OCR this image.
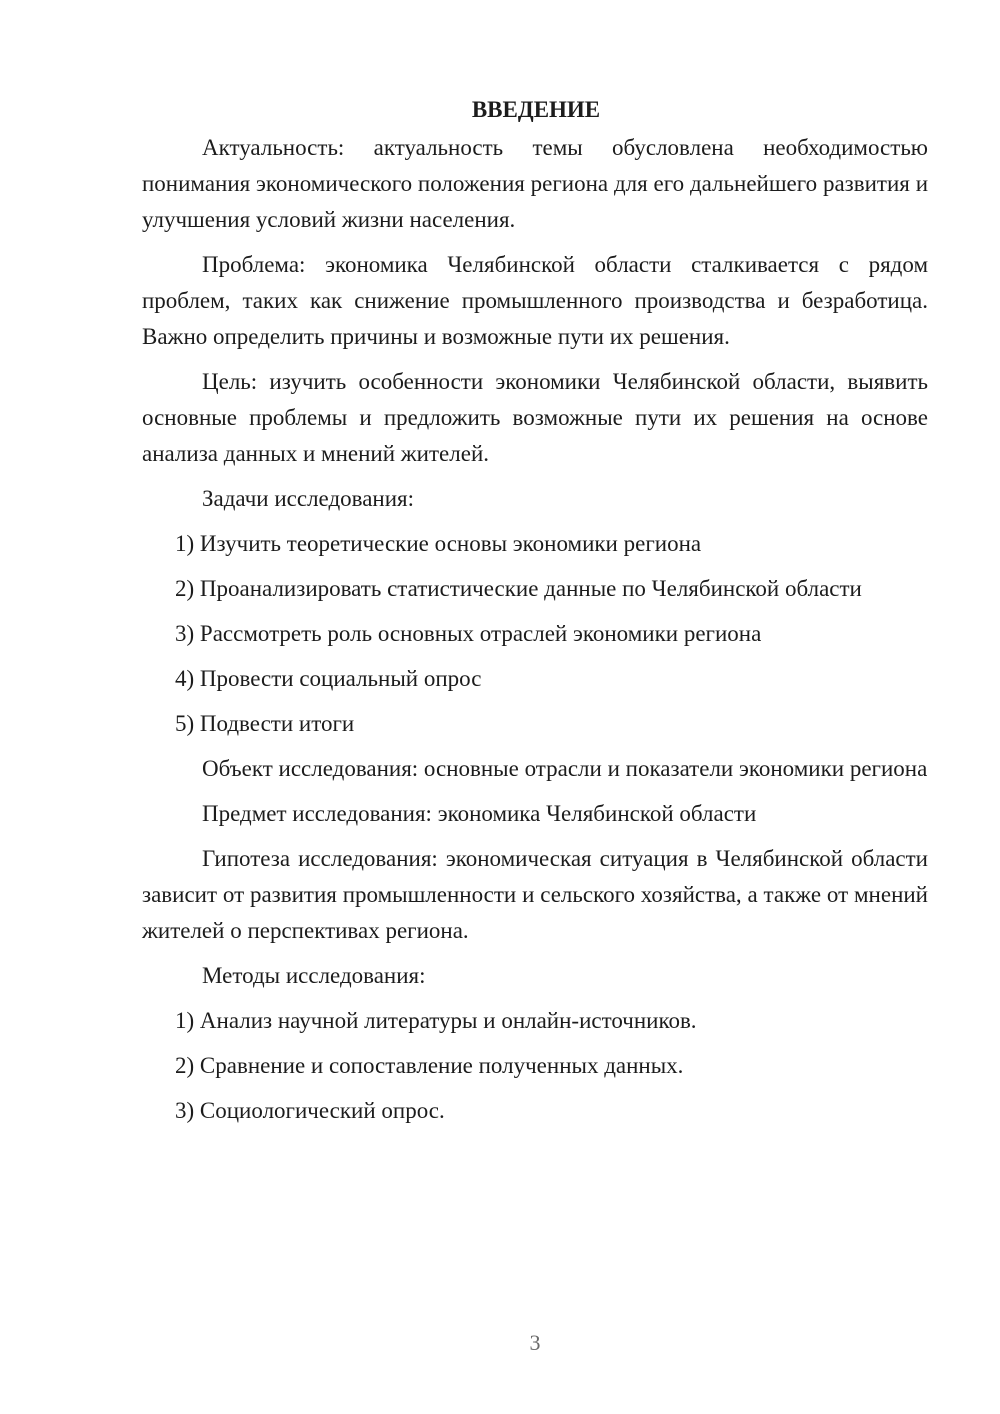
ВВЕДЕНИЕ

Актуальность: актуальность темы обусловлена необходимостью понимания экономического положения региона для его дальнейшего развития и улучшения условий жизни населения.

Проблема: экономика Челябинской области сталкивается с рядом проблем, таких как снижение промышленного производства и безработица. Важно определить причины и возможные пути их решения.

Цель: изучить особенности экономики Челябинской области, выявить основные проблемы и предложить возможные пути их решения на основе анализа данных и мнений жителей.

Задачи исследования:

1) Изучить теоретические основы экономики региона
2) Проанализировать статистические данные по Челябинской области
3) Рассмотреть роль основных отраслей экономики региона
4) Провести социальный опрос
5) Подвести итоги

Объект исследования: основные отрасли и показатели экономики региона

Предмет исследования: экономика Челябинской области

Гипотеза исследования: экономическая ситуация в Челябинской области зависит от развития промышленности и сельского хозяйства, а также от мнений жителей о перспективах региона.

Методы исследования:

1) Анализ научной литературы и онлайн-источников.
2) Сравнение и сопоставление полученных данных.
3) Социологический опрос.
3
